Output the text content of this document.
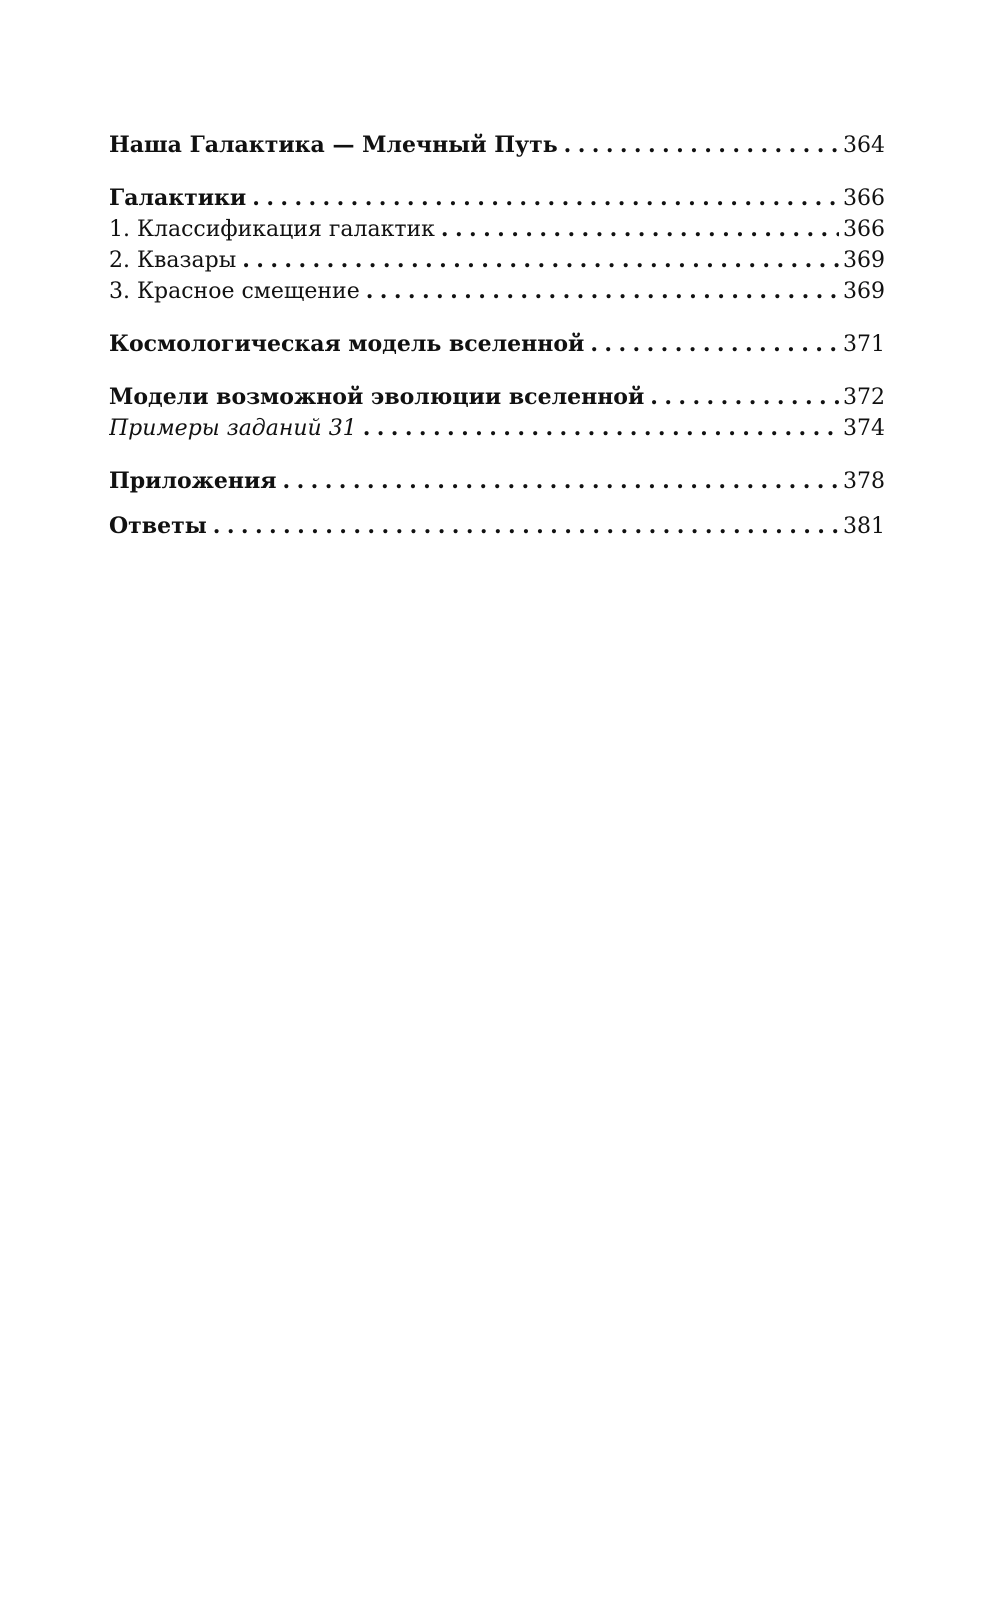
Наша Галактика — Млечный Путь .....	364
Галактики .....	366
1. Классификация галактик .....	366
2. Квазары .....	369
3. Красное смещение .....	369
Космологическая модель вселенной .....	371
Модели возможной эволюции вселенной .....	372
Примеры заданий 31 .....	374
Приложения .....	378
Ответы .....	381
